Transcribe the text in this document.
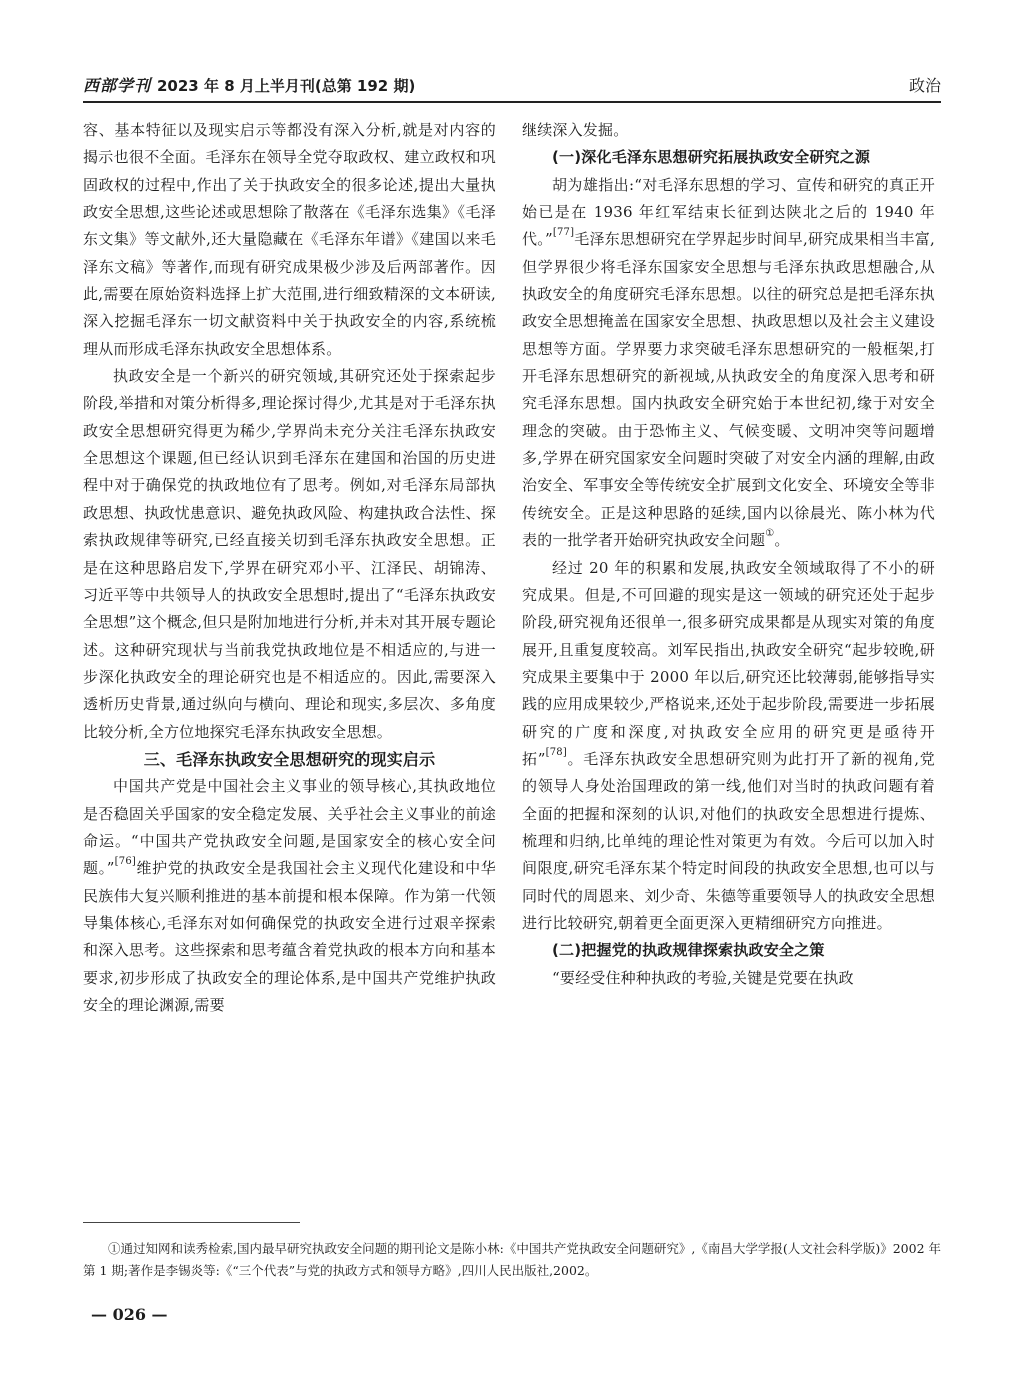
西部学刊 2023 年 8 月上半月刊(总第 192 期)	政治

容、基本特征以及现实启示等都没有深入分析,就是对内容的揭示也很不全面。毛泽东在领导全党夺取政权、建立政权和巩固政权的过程中,作出了关于执政安全的很多论述,提出大量执政安全思想,这些论述或思想除了散落在《毛泽东选集》《毛泽东文集》等文献外,还大量隐藏在《毛泽东年谱》《建国以来毛泽东文稿》等著作,而现有研究成果极少涉及后两部著作。因此,需要在原始资料选择上扩大范围,进行细致精深的文本研读,深入挖掘毛泽东一切文献资料中关于执政安全的内容,系统梳理从而形成毛泽东执政安全思想体系。

执政安全是一个新兴的研究领域,其研究还处于探索起步阶段,举措和对策分析得多,理论探讨得少,尤其是对于毛泽东执政安全思想研究得更为稀少,学界尚未充分关注毛泽东执政安全思想这个课题,但已经认识到毛泽东在建国和治国的历史进程中对于确保党的执政地位有了思考。例如,对毛泽东局部执政思想、执政忧患意识、避免执政风险、构建执政合法性、探索执政规律等研究,已经直接关切到毛泽东执政安全思想。正是在这种思路启发下,学界在研究邓小平、江泽民、胡锦涛、习近平等中共领导人的执政安全思想时,提出了“毛泽东执政安全思想”这个概念,但只是附加地进行分析,并未对其开展专题论述。这种研究现状与当前我党执政地位是不相适应的,与进一步深化执政安全的理论研究也是不相适应的。因此,需要深入透析历史背景,通过纵向与横向、理论和现实,多层次、多角度比较分析,全方位地探究毛泽东执政安全思想。

三、毛泽东执政安全思想研究的现实启示

中国共产党是中国社会主义事业的领导核心,其执政地位是否稳固关乎国家的安全稳定发展、关乎社会主义事业的前途命运。“中国共产党执政安全问题,是国家安全的核心安全问题。”[76]维护党的执政安全是我国社会主义现代化建设和中华民族伟大复兴顺利推进的基本前提和根本保障。作为第一代领导集体核心,毛泽东对如何确保党的执政安全进行过艰辛探索和深入思考。这些探索和思考蕴含着党执政的根本方向和基本要求,初步形成了执政安全的理论体系,是中国共产党维护执政安全的理论渊源,需要

继续深入发掘。

(一)深化毛泽东思想研究拓展执政安全研究之源

胡为雄指出:“对毛泽东思想的学习、宣传和研究的真正开始已是在 1936 年红军结束长征到达陕北之后的 1940 年代。”[77]毛泽东思想研究在学界起步时间早,研究成果相当丰富,但学界很少将毛泽东国家安全思想与毛泽东执政思想融合,从执政安全的角度研究毛泽东思想。以往的研究总是把毛泽东执政安全思想掩盖在国家安全思想、执政思想以及社会主义建设思想等方面。学界要力求突破毛泽东思想研究的一般框架,打开毛泽东思想研究的新视域,从执政安全的角度深入思考和研究毛泽东思想。国内执政安全研究始于本世纪初,缘于对安全理念的突破。由于恐怖主义、气候变暖、文明冲突等问题增多,学界在研究国家安全问题时突破了对安全内涵的理解,由政治安全、军事安全等传统安全扩展到文化安全、环境安全等非传统安全。正是这种思路的延续,国内以徐晨光、陈小林为代表的一批学者开始研究执政安全问题①。

经过 20 年的积累和发展,执政安全领域取得了不小的研究成果。但是,不可回避的现实是这一领域的研究还处于起步阶段,研究视角还很单一,很多研究成果都是从现实对策的角度展开,且重复度较高。刘军民指出,执政安全研究“起步较晚,研究成果主要集中于 2000 年以后,研究还比较薄弱,能够指导实践的应用成果较少,严格说来,还处于起步阶段,需要进一步拓展研究的广度和深度,对执政安全应用的研究更是亟待开拓”[78]。毛泽东执政安全思想研究则为此打开了新的视角,党的领导人身处治国理政的第一线,他们对当时的执政问题有着全面的把握和深刻的认识,对他们的执政安全思想进行提炼、梳理和归纳,比单纯的理论性对策更为有效。今后可以加入时间限度,研究毛泽东某个特定时间段的执政安全思想,也可以与同时代的周恩来、刘少奇、朱德等重要领导人的执政安全思想进行比较研究,朝着更全面更深入更精细研究方向推进。

(二)把握党的执政规律探索执政安全之策

“要经受住种种执政的考验,关键是党要在执政

①通过知网和读秀检索,国内最早研究执政安全问题的期刊论文是陈小林:《中国共产党执政安全问题研究》,《南昌大学学报(人文社会科学版)》2002 年第 1 期;著作是李锡炎等:《“三个代表”与党的执政方式和领导方略》,四川人民出版社,2002。
— 026 —
